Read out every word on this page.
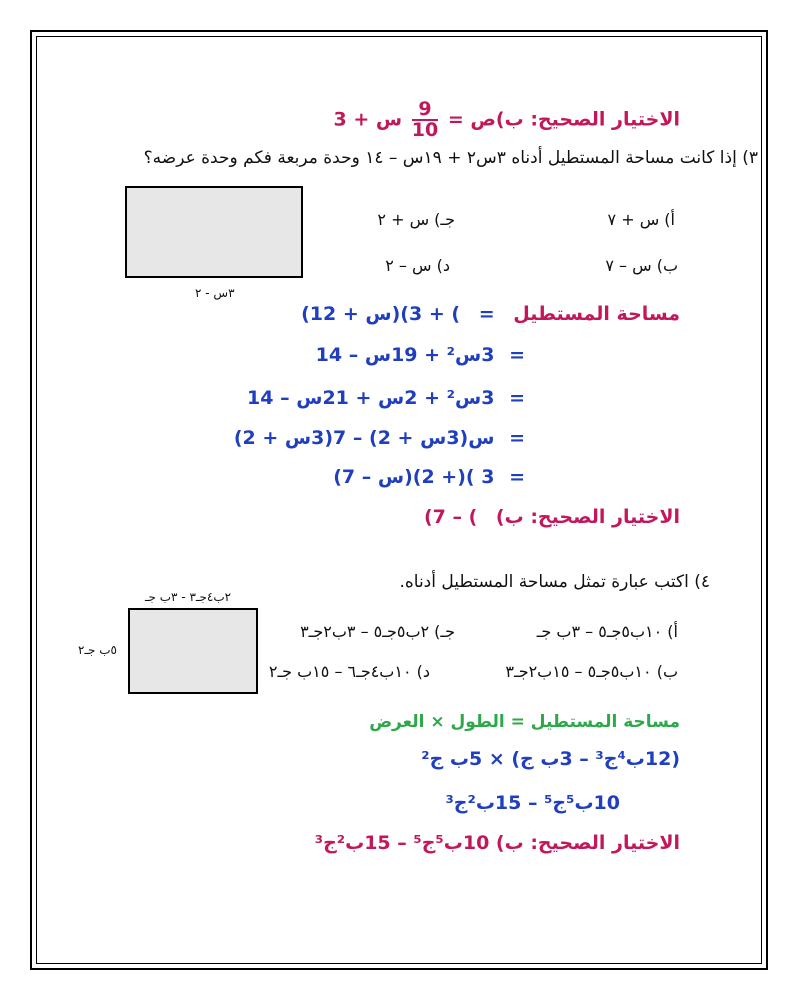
الاختيار الصحيح: ب)ص =
$\frac{9}{10}$
س + 3
٣) إذا كانت مساحة المستطيل أدناه ٣س٢ + ١٩س – ١٤ وحدة مربعة فكم وحدة عرضه؟
٣س - ٢
أ) س + ٧
جـ) س + ٢
ب) س – ٧
د) س – ٢
مساحة المستطيل = ) + 3)(س + 12)
= 3س² + 19س – 14
= 3س² + 2س + 21س – 14
= س(3س + 2) – 7(3س + 2)
= 3 )(+ 2)(س – 7)
الاختيار الصحيح: ب) ) – 7)
٤) اكتب عبارة تمثل مساحة المستطيل أدناه.
٢ب٤جـ٣ - ٣ب جـ
٥ب جـ٢
أ) ١٠ب٥جـ٥ – ٣ب جـ
جـ) ٢ب٥جـ٥ – ٣ب٢جـ٣
ب) ١٠ب٥جـ٥ – ١٥ب٢جـ٣
د) ١٠ب٤جـ٦ – ١٥ب جـ٢
مساحة المستطيل = الطول × العرض
(12ب⁴ج³ – 3ب ج) × 5ب ج²
10ب⁵ج⁵ – 15ب²ج³
الاختيار الصحيح: ب) 10ب⁵ج⁵ – 15ب²ج³
